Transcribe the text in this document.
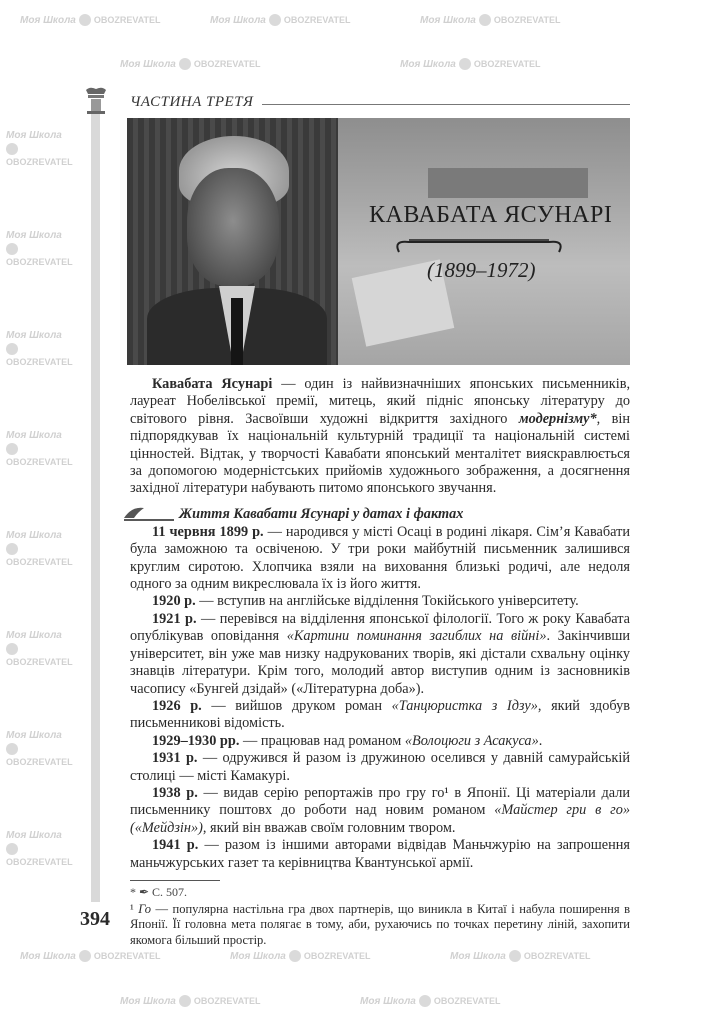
ЧАСТИНА ТРЕТЯ
КАВАБАТА ЯСУНАРІ
(1899–1972)

Кавабата Ясунарі — один із найвизначніших японських письменників, лауреат Нобелівської премії, митець, який підніс японську літературу до світового рівня. Засвоївши художні відкриття західного модернізму*, він підпорядкував їх національній культурній традиції та національній системі цінностей. Відтак, у творчості Кавабати японський менталітет вияскравлюється за допомогою модерністських прийомів художнього зображення, а досягнення західної літератури набувають питомо японського звучання.

Життя Кавабати Ясунарі у датах і фактах

11 червня 1899 р. — народився у місті Осаці в родині лікаря. Сім’я Кавабати була заможною та освіченою. У три роки майбутній письменник залишився круглим сиротою. Хлопчика взяли на виховання близькі родичі, але недоля одного за одним викреслювала їх із його життя.

1920 р. — вступив на англійське відділення Токійського університету.

1921 р. — перевівся на відділення японської філології. Того ж року Кавабата опублікував оповідання «Картини поминання загиблих на війні». Закінчивши університет, він уже мав низку надрукованих творів, які дістали схвальну оцінку знавців літератури. Крім того, молодий автор виступив одним із засновників часопису «Бунгей дзідай» («Літературна доба»).

1926 р. — вийшов друком роман «Танцюристка з Ідзу», який здобув письменникові відомість.

1929–1930 рр. — працював над романом «Волоцюги з Асакуса».

1931 р. — одружився й разом із дружиною оселився у давній самурайській столиці — місті Камакурі.

1938 р. — видав серію репортажів про гру го¹ в Японії. Ці матеріали дали письменнику поштовх до роботи над новим романом «Майстер гри в го» («Мейдзін»), який він вважав своїм головним твором.

1941 р. — разом із іншими авторами відвідав Маньчжурію на запрошення маньчжурських газет та керівництва Квантунської армії.

* ✒ С. 507.
¹ Го — популярна настільна гра двох партнерів, що виникла в Китаї і набула поширення в Японії. Її головна мета полягає в тому, аби, рухаючись по точках перетину ліній, захопити якомога більший простір.
394
Моя Школа OBOZREVATEL	Моя Школа OBOZREVATEL	Моя Школа OBOZREVATEL
Моя Школа OBOZREVATEL	Моя Школа OBOZREVATEL
Моя Школа
OBOZREVATEL
Моя Школа
OBOZREVATEL
Моя Школа
OBOZREVATEL
Моя Школа
OBOZREVATEL
Моя Школа
OBOZREVATEL
Моя Школа
OBOZREVATEL
Моя Школа
OBOZREVATEL
Моя Школа
OBOZREVATEL
Моя Школа OBOZREVATEL	Моя Школа OBOZREVATEL	Моя Школа OBOZREVATEL
Моя Школа OBOZREVATEL	Моя Школа OBOZREVATEL
